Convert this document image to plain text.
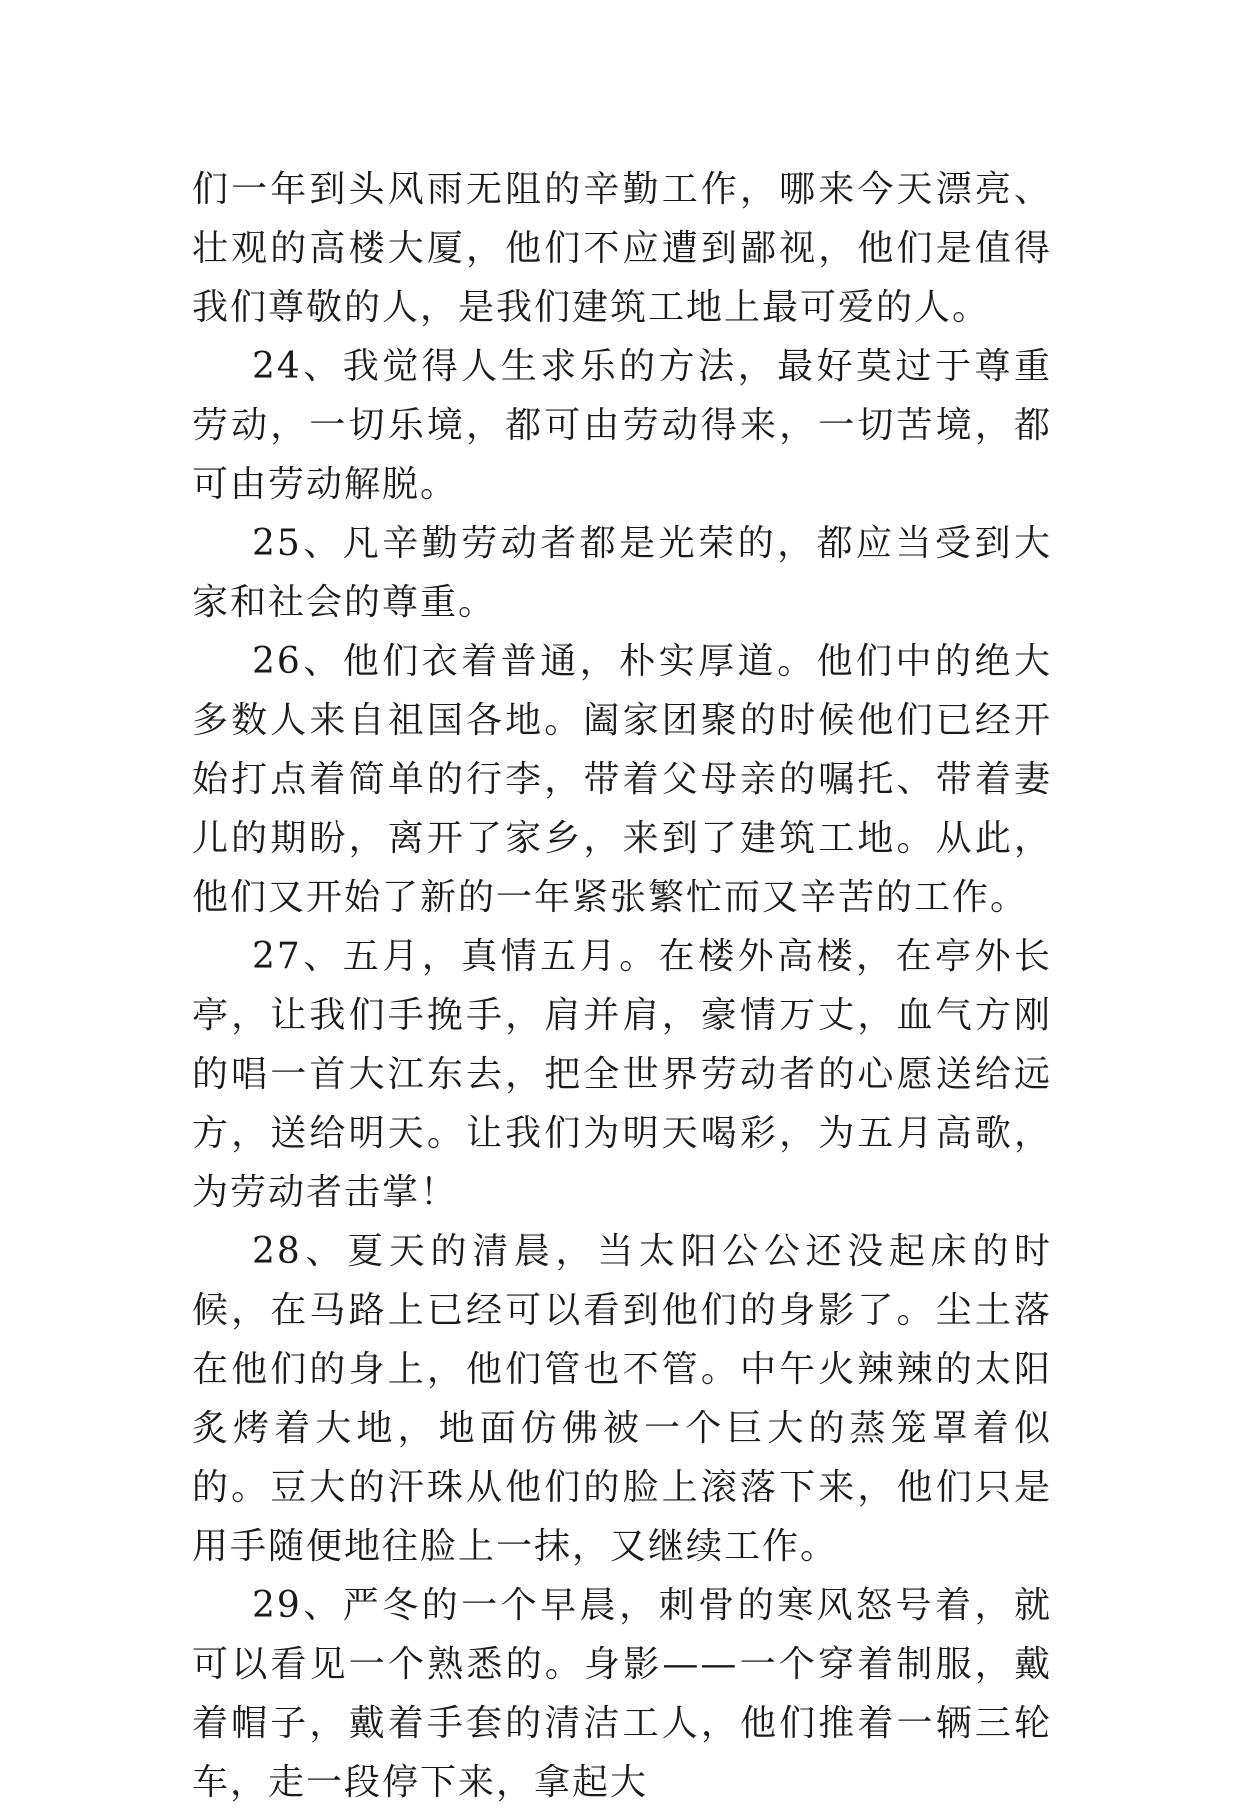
们一年到头风雨无阻的辛勤工作，哪来今天漂亮、壮观的高楼大厦，他们不应遭到鄙视，他们是值得我们尊敬的人，是我们建筑工地上最可爱的人。

24、我觉得人生求乐的方法，最好莫过于尊重劳动，一切乐境，都可由劳动得来，一切苦境，都可由劳动解脱。

25、凡辛勤劳动者都是光荣的，都应当受到大家和社会的尊重。

26、他们衣着普通，朴实厚道。他们中的绝大多数人来自祖国各地。阖家团聚的时候他们已经开始打点着简单的行李，带着父母亲的嘱托、带着妻儿的期盼，离开了家乡，来到了建筑工地。从此，他们又开始了新的一年紧张繁忙而又辛苦的工作。

27、五月，真情五月。在楼外高楼，在亭外长亭，让我们手挽手，肩并肩，豪情万丈，血气方刚的唱一首大江东去，把全世界劳动者的心愿送给远方，送给明天。让我们为明天喝彩，为五月高歌，为劳动者击掌！

28、夏天的清晨，当太阳公公还没起床的时候，在马路上已经可以看到他们的身影了。尘土落在他们的身上，他们管也不管。中午火辣辣的太阳炙烤着大地，地面仿佛被一个巨大的蒸笼罩着似的。豆大的汗珠从他们的脸上滚落下来，他们只是用手随便地往脸上一抹，又继续工作。

29、严冬的一个早晨，刺骨的寒风怒号着，就可以看见一个熟悉的。身影——一个穿着制服，戴着帽子，戴着手套的清洁工人，他们推着一辆三轮车，走一段停下来，拿起大
